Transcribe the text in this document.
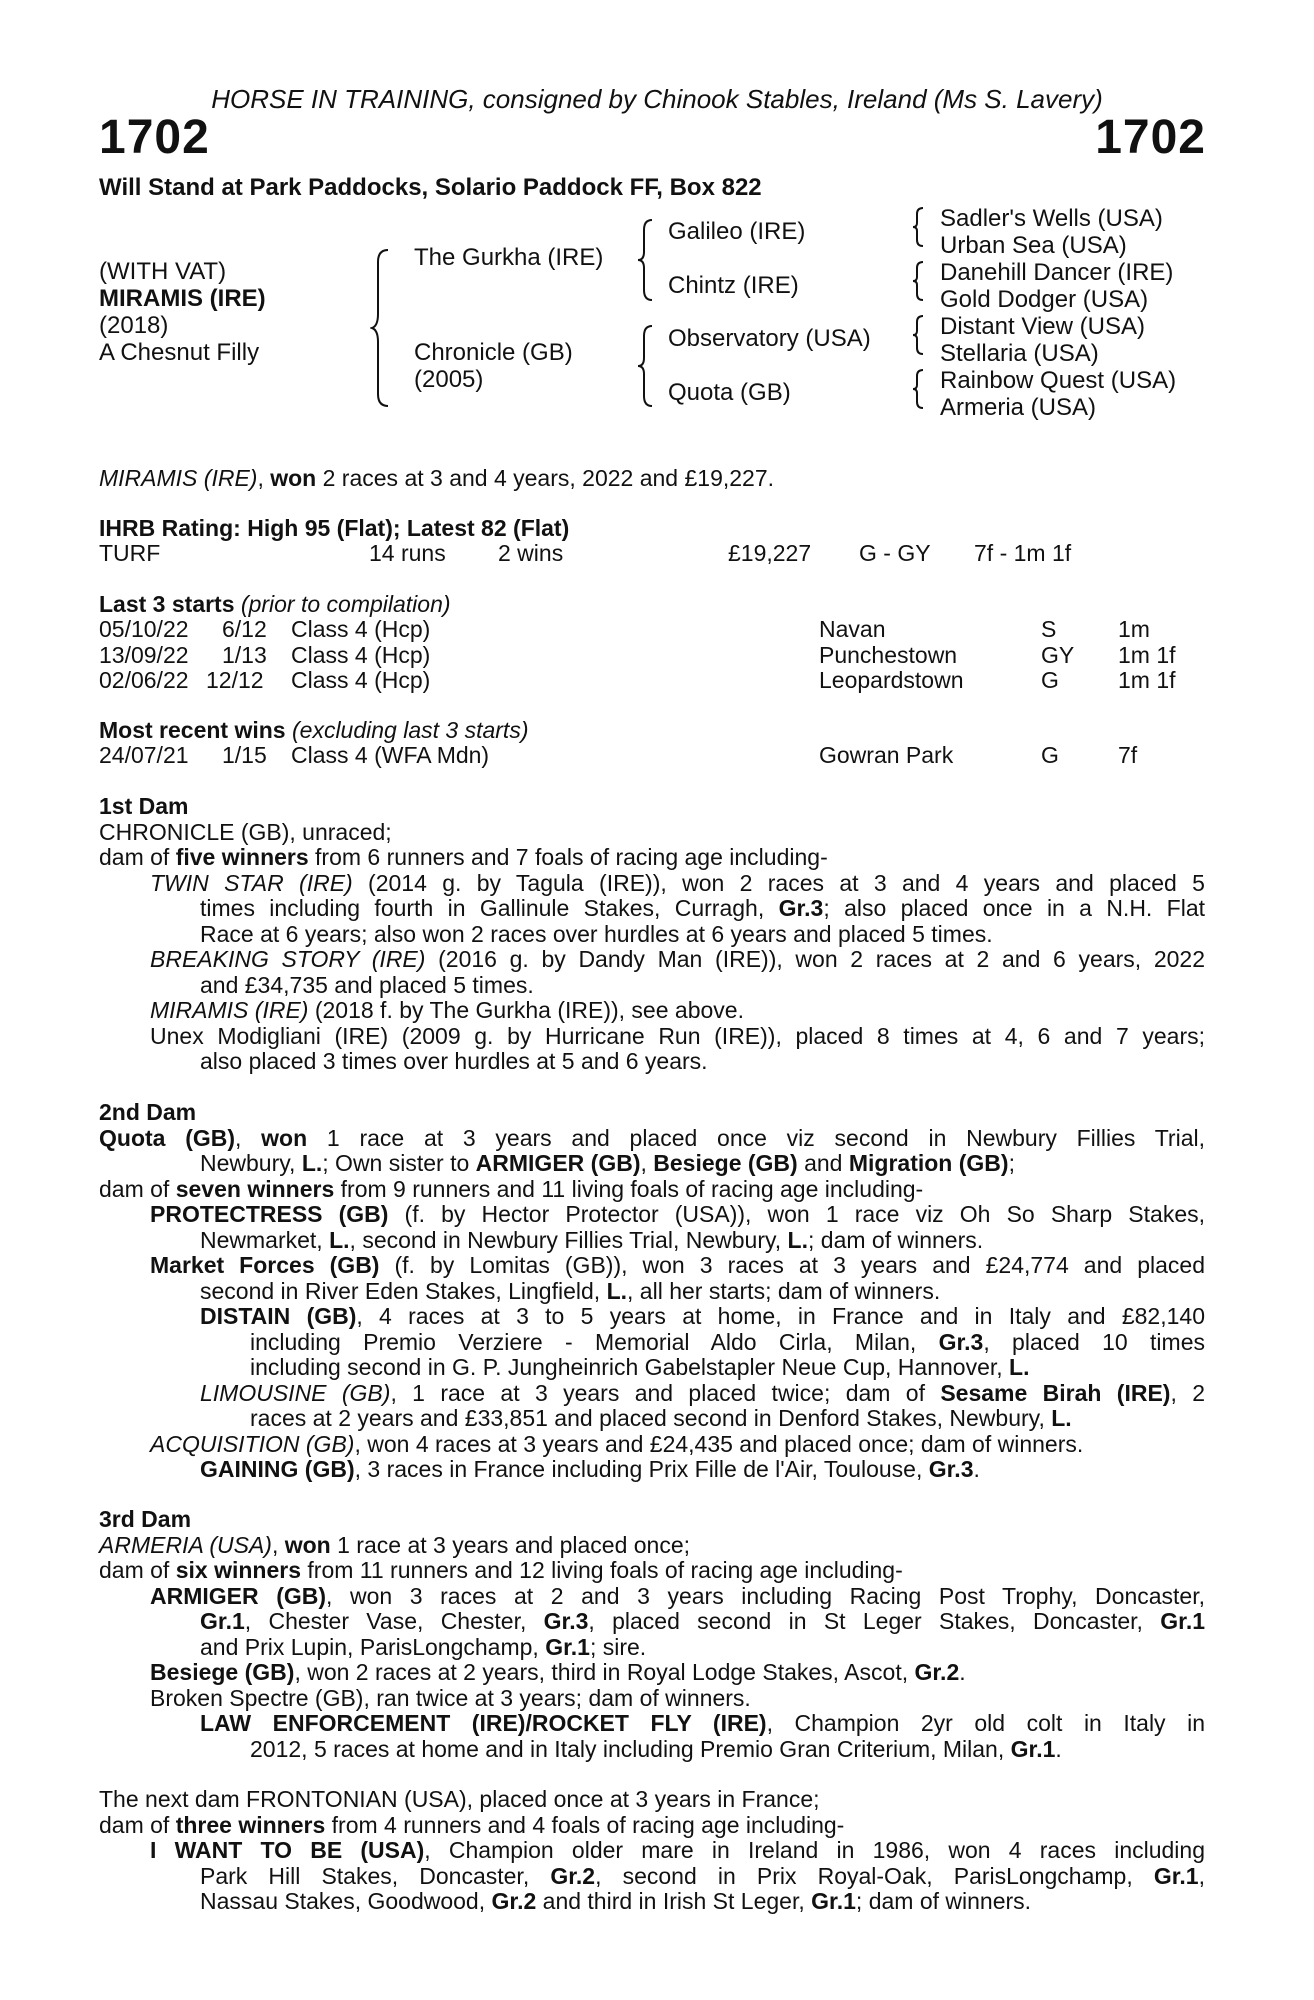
HORSE IN TRAINING, consigned by Chinook Stables, Ireland (Ms S. Lavery)
1702	1702
Will Stand at Park Paddocks, Solario Paddock FF, Box 822
(WITH VAT)
MIRAMIS (IRE)
(2018)
A Chesnut Filly
The Gurkha (IRE)
Chronicle (GB)
(2005)
Galileo (IRE)
Chintz (IRE)
Observatory (USA)
Quota (GB)
Sadler's Wells (USA)
Urban Sea (USA)
Danehill Dancer (IRE)
Gold Dodger (USA)
Distant View (USA)
Stellaria (USA)
Rainbow Quest (USA)
Armeria (USA)
MIRAMIS (IRE), won 2 races at 3 and 4 years, 2022 and £19,227.
IHRB Rating: High 95 (Flat); Latest 82 (Flat)
TURF	14 runs 2 wins	£19,227 G - GY 7f - 1m 1f
Last 3 starts (prior to compilation)
05/10/22 6/12 Class 4 (Hcp)	Navan	S	1m
13/09/22 1/13 Class 4 (Hcp)	Punchestown	GY 1m 1f
02/06/22 12/12 Class 4 (Hcp)	Leopardstown	G	1m 1f
Most recent wins (excluding last 3 starts)
24/07/21 1/15 Class 4 (WFA Mdn)	Gowran Park	G	7f
1st Dam
CHRONICLE (GB), unraced;
dam of five winners from 6 runners and 7 foals of racing age including-
TWIN STAR (IRE) (2014 g. by Tagula (IRE)), won 2 races at 3 and 4 years and placed 5
times including fourth in Gallinule Stakes, Curragh, Gr.3; also placed once in a N.H. Flat
Race at 6 years; also won 2 races over hurdles at 6 years and placed 5 times.
BREAKING STORY (IRE) (2016 g. by Dandy Man (IRE)), won 2 races at 2 and 6 years, 2022
and £34,735 and placed 5 times.
MIRAMIS (IRE) (2018 f. by The Gurkha (IRE)), see above.
Unex Modigliani (IRE) (2009 g. by Hurricane Run (IRE)), placed 8 times at 4, 6 and 7 years;
also placed 3 times over hurdles at 5 and 6 years.
2nd Dam
Quota (GB), won 1 race at 3 years and placed once viz second in Newbury Fillies Trial,
Newbury, L.; Own sister to ARMIGER (GB), Besiege (GB) and Migration (GB);
dam of seven winners from 9 runners and 11 living foals of racing age including-
PROTECTRESS (GB) (f. by Hector Protector (USA)), won 1 race viz Oh So Sharp Stakes,
Newmarket, L., second in Newbury Fillies Trial, Newbury, L.; dam of winners.
Market Forces (GB) (f. by Lomitas (GB)), won 3 races at 3 years and £24,774 and placed
second in River Eden Stakes, Lingfield, L., all her starts; dam of winners.
DISTAIN (GB), 4 races at 3 to 5 years at home, in France and in Italy and £82,140
including Premio Verziere - Memorial Aldo Cirla, Milan, Gr.3, placed 10 times
including second in G. P. Jungheinrich Gabelstapler Neue Cup, Hannover, L.
LIMOUSINE (GB), 1 race at 3 years and placed twice; dam of Sesame Birah (IRE), 2
races at 2 years and £33,851 and placed second in Denford Stakes, Newbury, L.
ACQUISITION (GB), won 4 races at 3 years and £24,435 and placed once; dam of winners.
GAINING (GB), 3 races in France including Prix Fille de l'Air, Toulouse, Gr.3.
3rd Dam
ARMERIA (USA), won 1 race at 3 years and placed once;
dam of six winners from 11 runners and 12 living foals of racing age including-
ARMIGER (GB), won 3 races at 2 and 3 years including Racing Post Trophy, Doncaster,
Gr.1, Chester Vase, Chester, Gr.3, placed second in St Leger Stakes, Doncaster, Gr.1
and Prix Lupin, ParisLongchamp, Gr.1; sire.
Besiege (GB), won 2 races at 2 years, third in Royal Lodge Stakes, Ascot, Gr.2.
Broken Spectre (GB), ran twice at 3 years; dam of winners.
LAW ENFORCEMENT (IRE)/ROCKET FLY (IRE), Champion 2yr old colt in Italy in
2012, 5 races at home and in Italy including Premio Gran Criterium, Milan, Gr.1.
The next dam FRONTONIAN (USA), placed once at 3 years in France;
dam of three winners from 4 runners and 4 foals of racing age including-
I WANT TO BE (USA), Champion older mare in Ireland in 1986, won 4 races including
Park Hill Stakes, Doncaster, Gr.2, second in Prix Royal-Oak, ParisLongchamp, Gr.1,
Nassau Stakes, Goodwood, Gr.2 and third in Irish St Leger, Gr.1; dam of winners.
